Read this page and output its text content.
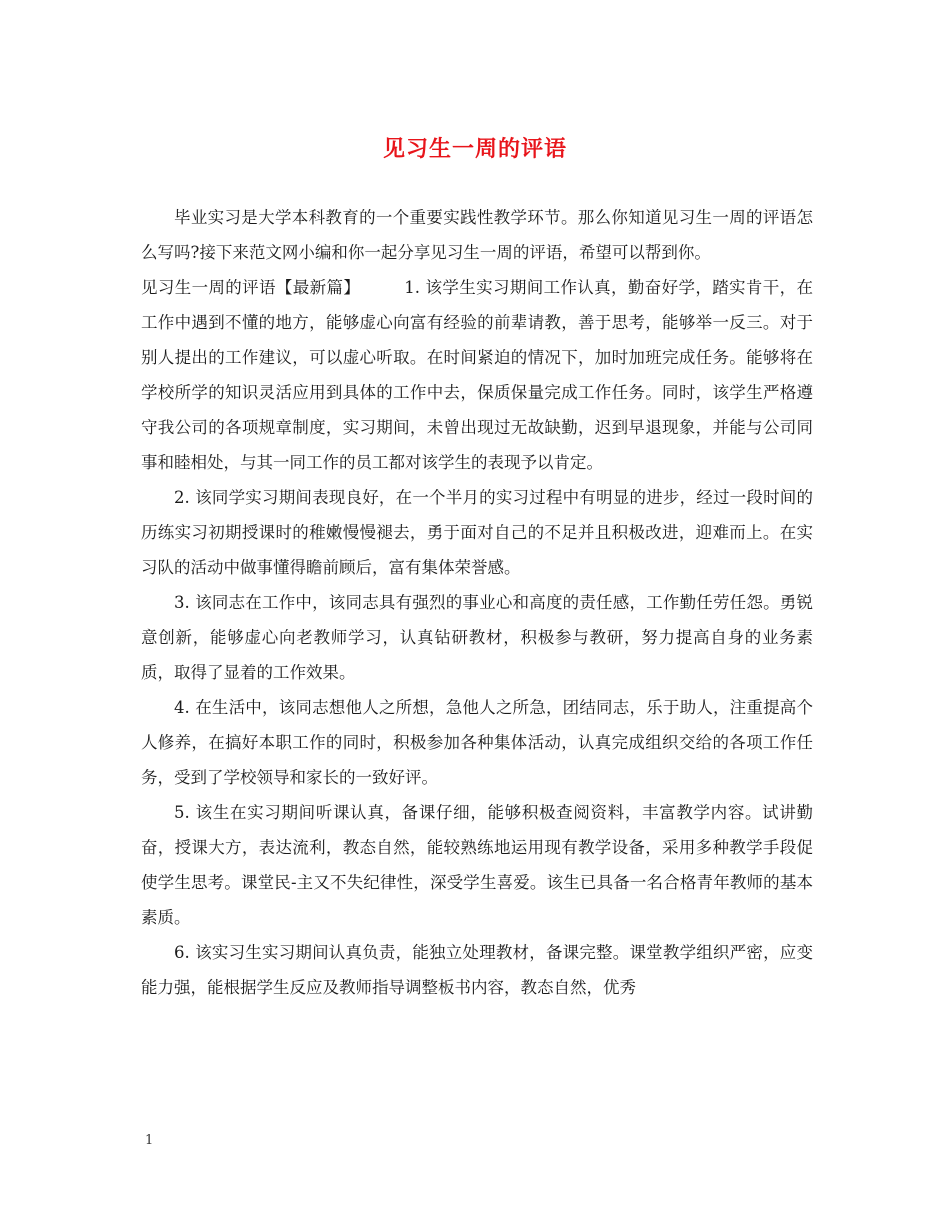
见习生一周的评语

毕业实习是大学本科教育的一个重要实践性教学环节。那么你知道见习生一周的评语怎么写吗?接下来范文网小编和你一起分享见习生一周的评语，希望可以帮到你。

见习生一周的评语【最新篇】	1. 该学生实习期间工作认真，勤奋好学，踏实肯干，在工作中遇到不懂的地方，能够虚心向富有经验的前辈请教，善于思考，能够举一反三。对于别人提出的工作建议，可以虚心听取。在时间紧迫的情况下，加时加班完成任务。能够将在学校所学的知识灵活应用到具体的工作中去，保质保量完成工作任务。同时，该学生严格遵守我公司的各项规章制度，实习期间，未曾出现过无故缺勤，迟到早退现象，并能与公司同事和睦相处，与其一同工作的员工都对该学生的表现予以肯定。

2. 该同学实习期间表现良好，在一个半月的实习过程中有明显的进步，经过一段时间的历练实习初期授课时的稚嫩慢慢褪去，勇于面对自己的不足并且积极改进，迎难而上。在实习队的活动中做事懂得瞻前顾后，富有集体荣誉感。

3. 该同志在工作中，该同志具有强烈的事业心和高度的责任感，工作勤任劳任怨。勇锐意创新，能够虚心向老教师学习，认真钻研教材，积极参与教研，努力提高自身的业务素质，取得了显着的工作效果。

4. 在生活中，该同志想他人之所想，急他人之所急，团结同志，乐于助人，注重提高个人修养，在搞好本职工作的同时，积极参加各种集体活动，认真完成组织交给的各项工作任务，受到了学校领导和家长的一致好评。

5. 该生在实习期间听课认真，备课仔细，能够积极查阅资料，丰富教学内容。试讲勤奋，授课大方，表达流利，教态自然，能较熟练地运用现有教学设备，采用多种教学手段促使学生思考。课堂民-主又不失纪律性，深受学生喜爱。该生已具备一名合格青年教师的基本素质。

6. 该实习生实习期间认真负责，能独立处理教材，备课完整。课堂教学组织严密，应变能力强，能根据学生反应及教师指导调整板书内容，教态自然，优秀

1
